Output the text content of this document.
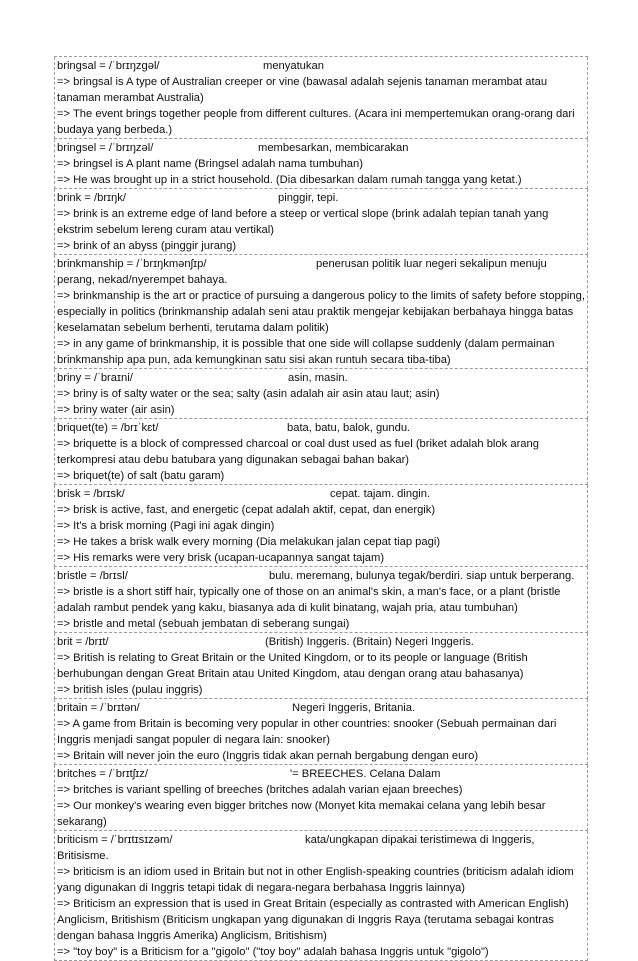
bringsal = /ˈbrɪŋzɡəl/	menyatukan
=> bringsal is A type of Australian creeper or vine (bawasal adalah sejenis tanaman merambat atau tanaman merambat Australia)
=> The event brings together people from different cultures. (Acara ini mempertemukan orang-orang dari budaya yang berbeda.)
bringsel = /ˈbrɪŋzəl/	membesarkan, membicarakan
=> bringsel is A plant name (Bringsel adalah nama tumbuhan)
=> He was brought up in a strict household. (Dia dibesarkan dalam rumah tangga yang ketat.)
brink = /brɪŋk/	pinggir, tepi.
=> brink is an extreme edge of land before a steep or vertical slope (brink adalah tepian tanah yang ekstrim sebelum lereng curam atau vertikal)
=> brink of an abyss (pinggir jurang)
brinkmanship = /ˈbrɪŋkmənʃɪp/	penerusan politik luar negeri sekalipun menuju perang, nekad/nyerempet bahaya.
=> brinkmanship is the art or practice of pursuing a dangerous policy to the limits of safety before stopping, especially in politics (brinkmanship adalah seni atau praktik mengejar kebijakan berbahaya hingga batas keselamatan sebelum berhenti, terutama dalam politik)
=> in any game of brinkmanship, it is possible that one side will collapse suddenly (dalam permainan brinkmanship apa pun, ada kemungkinan satu sisi akan runtuh secara tiba-tiba)
briny = /ˈbraɪni/	asin, masin.
=> briny is of salty water or the sea; salty (asin adalah air asin atau laut; asin)
=> briny water (air asin)
briquet(te) = /brɪˈkɛt/	bata, batu, balok, gundu.
=> briquette is a block of compressed charcoal or coal dust used as fuel (briket adalah blok arang terkompresi atau debu batubara yang digunakan sebagai bahan bakar)
=> briquet(te) of salt (batu garam)
brisk = /brɪsk/	cepat. tajam. dingin.
=> brisk is active, fast, and energetic (cepat adalah aktif, cepat, dan energik)
=> It's a brisk morning (Pagi ini agak dingin)
=> He takes a brisk walk every morning (Dia melakukan jalan cepat tiap pagi)
=> His remarks were very brisk (ucapan-ucapannya sangat tajam)
bristle = /brɪsl/	bulu. meremang, bulunya tegak/berdiri. siap untuk berperang.
=> bristle is a short stiff hair, typically one of those on an animal's skin, a man's face, or a plant (bristle adalah rambut pendek yang kaku, biasanya ada di kulit binatang, wajah pria, atau tumbuhan)
=> bristle and metal (sebuah jembatan di seberang sungai)
brit = /brɪt/	(British) Inggeris. (Britain) Negeri Inggeris.
=> British is relating to Great Britain or the United Kingdom, or to its people or language (British berhubungan dengan Great Britain atau United Kingdom, atau dengan orang atau bahasanya)
=> british isles (pulau inggris)
britain = /ˈbrɪtən/	Negeri Inggeris, Britania.
=> A game from Britain is becoming very popular in other countries: snooker (Sebuah permainan dari Inggris menjadi sangat populer di negara lain: snooker)
=> Britain will never join the euro (Inggris tidak akan pernah bergabung dengan euro)
britches = /ˈbrɪtʃɪz/	'= BREECHES. Celana Dalam
=> britches is variant spelling of breeches (britches adalah varian ejaan breeches)
=> Our monkey's wearing even bigger britches now (Monyet kita memakai celana yang lebih besar sekarang)
briticism = /ˈbrɪtɪsɪzəm/	kata/ungkapan dipakai teristimewa di Inggeris, Britisisme.
=> briticism is an idiom used in Britain but not in other English-speaking countries (briticism adalah idiom yang digunakan di Inggris tetapi tidak di negara-negara berbahasa Inggris lainnya)
=> Briticism an expression that is used in Great Britain (especially as contrasted with American English) Anglicism, Britishism (Briticism ungkapan yang digunakan di Inggris Raya (terutama sebagai kontras dengan bahasa Inggris Amerika) Anglicism, Britishism)
=> "toy boy" is a Briticism for a "gigolo" ("toy boy" adalah bahasa Inggris untuk "gigolo")
